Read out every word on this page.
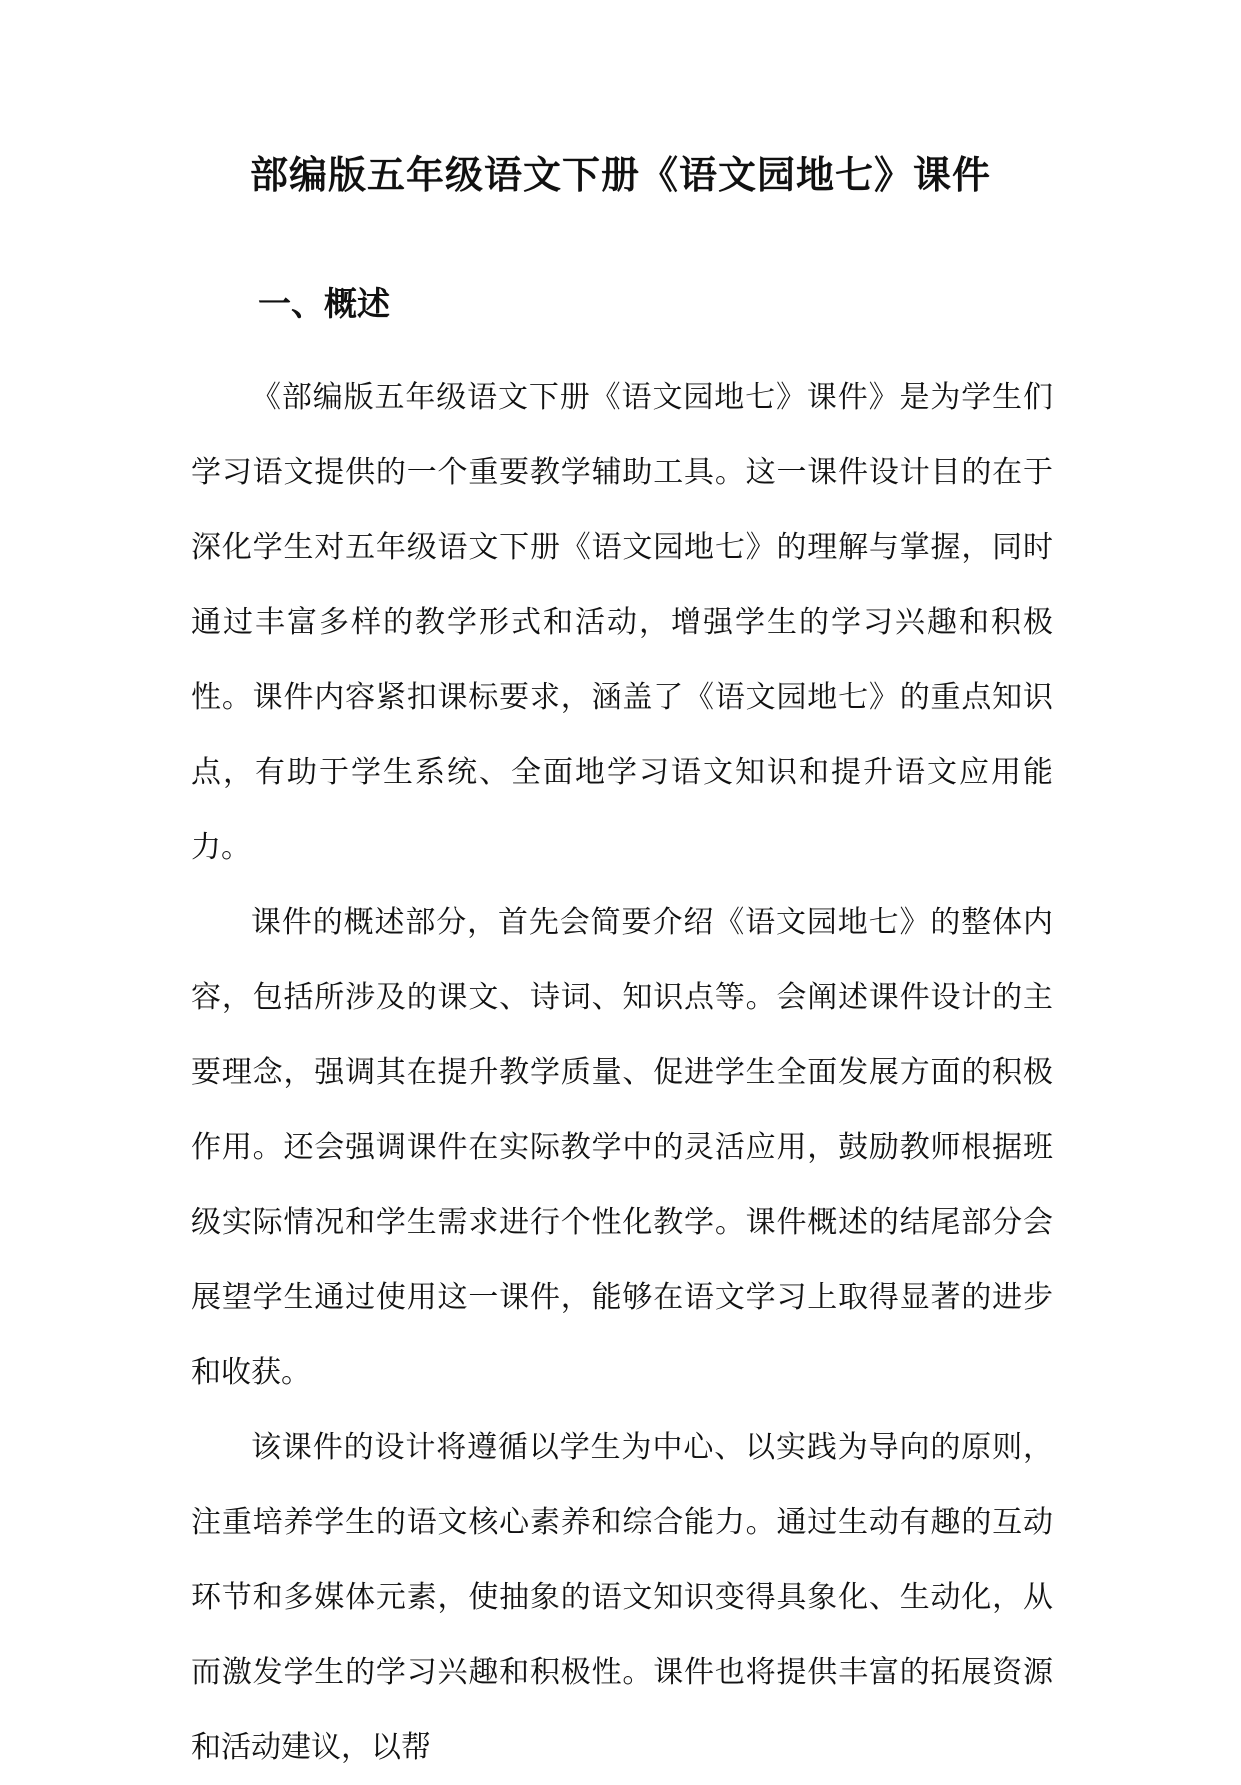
部编版五年级语文下册《语文园地七》课件
一、概述

《部编版五年级语文下册《语文园地七》课件》是为学生们学习语文提供的一个重要教学辅助工具。这一课件设计目的在于深化学生对五年级语文下册《语文园地七》的理解与掌握，同时通过丰富多样的教学形式和活动，增强学生的学习兴趣和积极性。课件内容紧扣课标要求，涵盖了《语文园地七》的重点知识点，有助于学生系统、全面地学习语文知识和提升语文应用能力。

课件的概述部分，首先会简要介绍《语文园地七》的整体内容，包括所涉及的课文、诗词、知识点等。会阐述课件设计的主要理念，强调其在提升教学质量、促进学生全面发展方面的积极作用。还会强调课件在实际教学中的灵活应用，鼓励教师根据班级实际情况和学生需求进行个性化教学。课件概述的结尾部分会展望学生通过使用这一课件，能够在语文学习上取得显著的进步和收获。

该课件的设计将遵循以学生为中心、以实践为导向的原则，注重培养学生的语文核心素养和综合能力。通过生动有趣的互动环节和多媒体元素，使抽象的语文知识变得具象化、生动化，从而激发学生的学习兴趣和积极性。课件也将提供丰富的拓展资源和活动建议，以帮
